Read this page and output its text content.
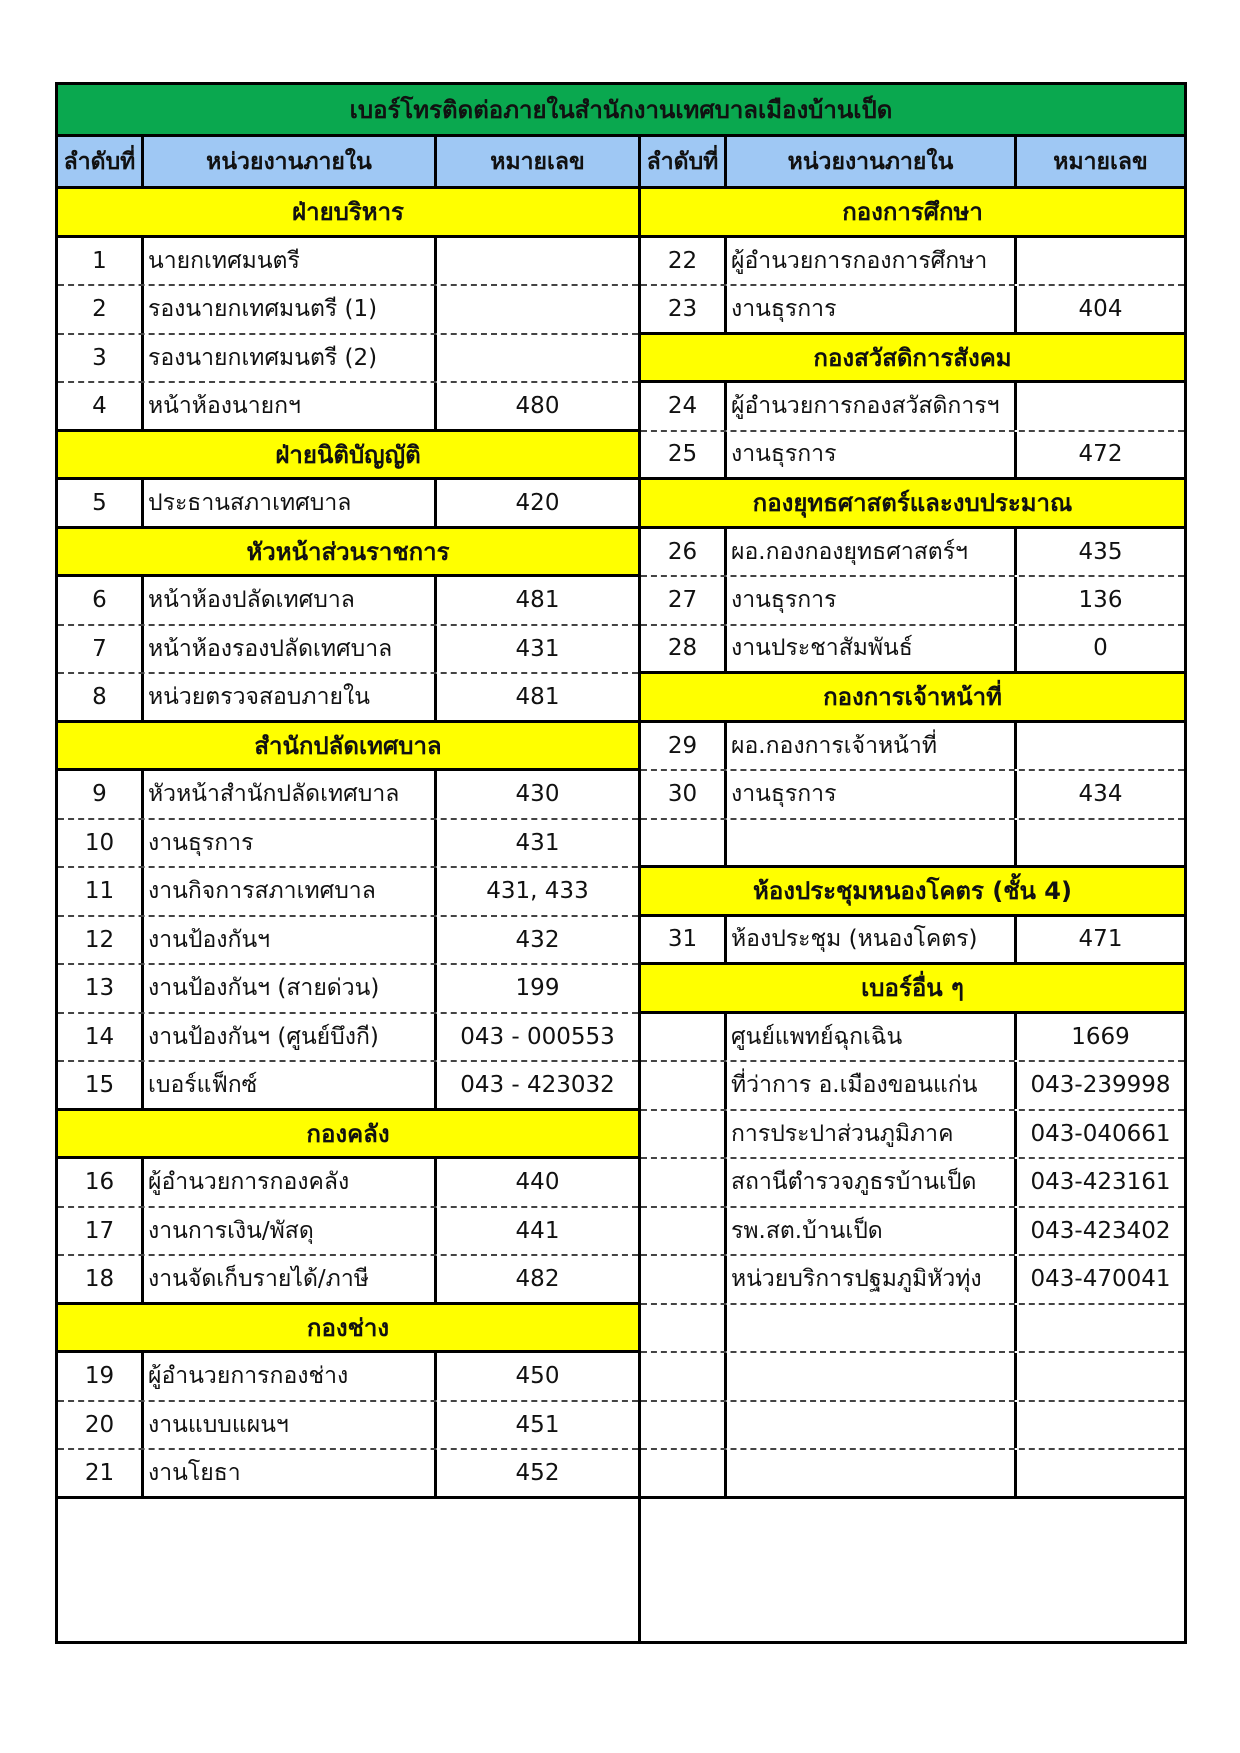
เบอร์โทรติดต่อภายในสำนักงานเทศบาลเมืองบ้านเป็ด
ลำดับที่	หน่วยงานภายใน	หมายเลข
ฝ่ายบริหาร
1	นายกเทศมนตรี
2	รองนายกเทศมนตรี (1)
3	รองนายกเทศมนตรี (2)
4	หน้าห้องนายกฯ	480
ฝ่ายนิติบัญญัติ
5	ประธานสภาเทศบาล	420
หัวหน้าส่วนราชการ
6	หน้าห้องปลัดเทศบาล	481
7	หน้าห้องรองปลัดเทศบาล	431
8	หน่วยตรวจสอบภายใน	481
สำนักปลัดเทศบาล
9	หัวหน้าสำนักปลัดเทศบาล	430
10	งานธุรการ	431
11	งานกิจการสภาเทศบาล	431, 433
12	งานป้องกันฯ	432
13	งานป้องกันฯ (สายด่วน)	199
14	งานป้องกันฯ (ศูนย์บึงกี)	043 - 000553
15	เบอร์แฟ็กซ์	043 - 423032
กองคลัง
16	ผู้อำนวยการกองคลัง	440
17	งานการเงิน/พัสดุ	441
18	งานจัดเก็บรายได้/ภาษี	482
กองช่าง
19	ผู้อำนวยการกองช่าง	450
20	งานแบบแผนฯ	451
21	งานโยธา	452
ลำดับที่	หน่วยงานภายใน	หมายเลข
กองการศึกษา
22	ผู้อำนวยการกองการศึกษา
23	งานธุรการ	404
กองสวัสดิการสังคม
24	ผู้อำนวยการกองสวัสดิการฯ
25	งานธุรการ	472
กองยุทธศาสตร์และงบประมาณ
26	ผอ.กองกองยุทธศาสตร์ฯ	435
27	งานธุรการ	136
28	งานประชาสัมพันธ์	0
กองการเจ้าหน้าที่
29	ผอ.กองการเจ้าหน้าที่
30	งานธุรการ	434
ห้องประชุมหนองโคตร (ชั้น 4)
31	ห้องประชุม (หนองโคตร)	471
เบอร์อื่น ๆ
ศูนย์แพทย์ฉุกเฉิน	1669
ที่ว่าการ อ.เมืองขอนแก่น	043-239998
การประปาส่วนภูมิภาค	043-040661
สถานีตำรวจภูธรบ้านเป็ด	043-423161
รพ.สต.บ้านเป็ด	043-423402
หน่วยบริการปฐมภูมิหัวทุ่ง	043-470041
